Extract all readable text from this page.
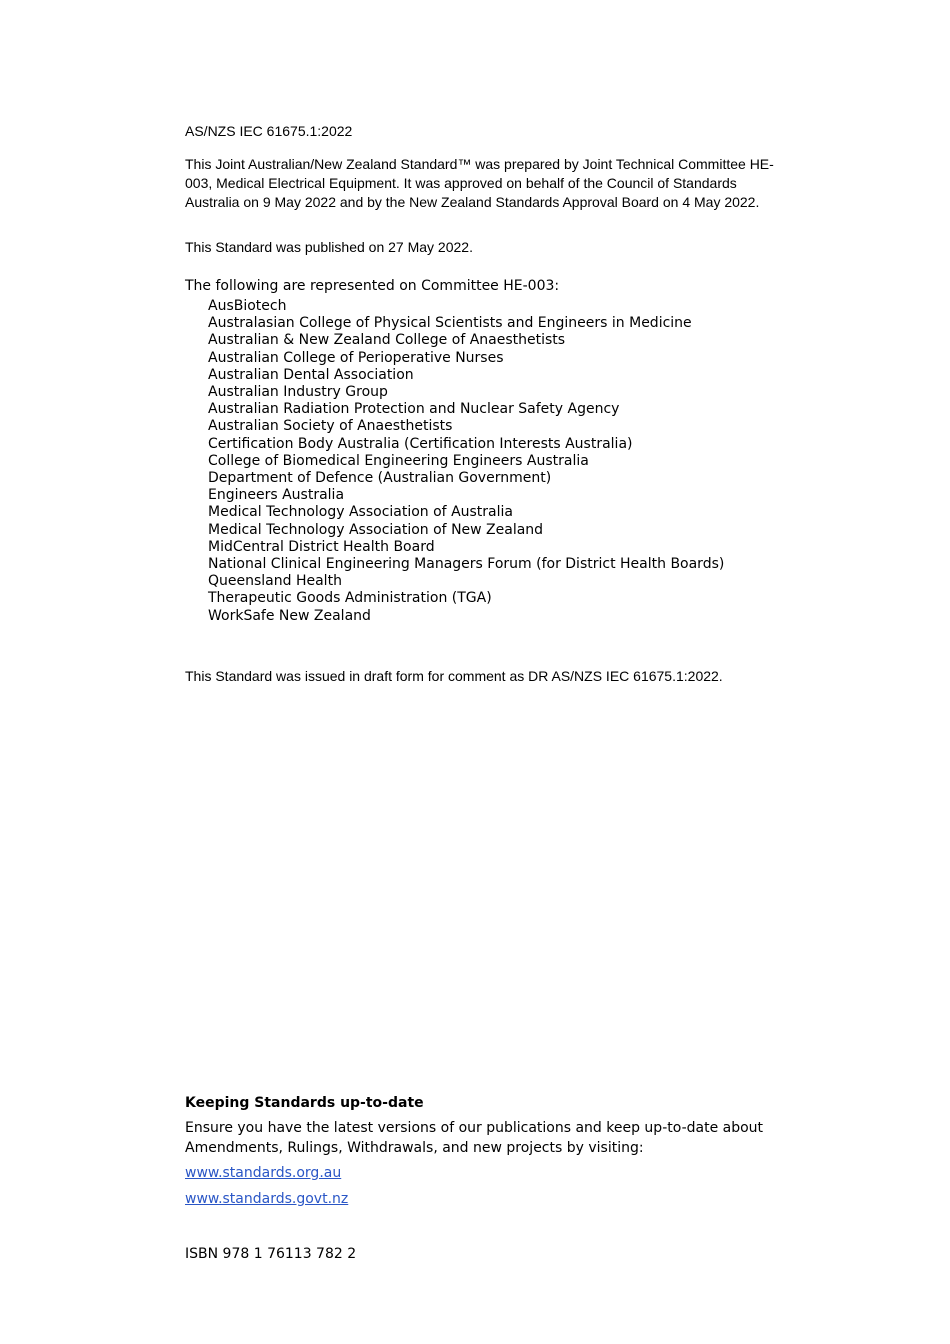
AS/NZS IEC 61675.1:2022

This Joint Australian/New Zealand Standard™ was prepared by Joint Technical Committee HE-003, Medical Electrical Equipment. It was approved on behalf of the Council of Standards Australia on 9 May 2022 and by the New Zealand Standards Approval Board on 4 May 2022.

This Standard was published on 27 May 2022.

The following are represented on Committee HE-003:

AusBiotech
Australasian College of Physical Scientists and Engineers in Medicine
Australian & New Zealand College of Anaesthetists
Australian College of Perioperative Nurses
Australian Dental Association
Australian Industry Group
Australian Radiation Protection and Nuclear Safety Agency
Australian Society of Anaesthetists
Certification Body Australia (Certification Interests Australia)
College of Biomedical Engineering Engineers Australia
Department of Defence (Australian Government)
Engineers Australia
Medical Technology Association of Australia
Medical Technology Association of New Zealand
MidCentral District Health Board
National Clinical Engineering Managers Forum (for District Health Boards)
Queensland Health
Therapeutic Goods Administration (TGA)
WorkSafe New Zealand

This Standard was issued in draft form for comment as DR AS/NZS IEC 61675.1:2022.

Keeping Standards up-to-date

Ensure you have the latest versions of our publications and keep up-to-date about Amendments, Rulings, Withdrawals, and new projects by visiting:

www.standards.org.au
www.standards.govt.nz

ISBN 978 1 76113 782 2
